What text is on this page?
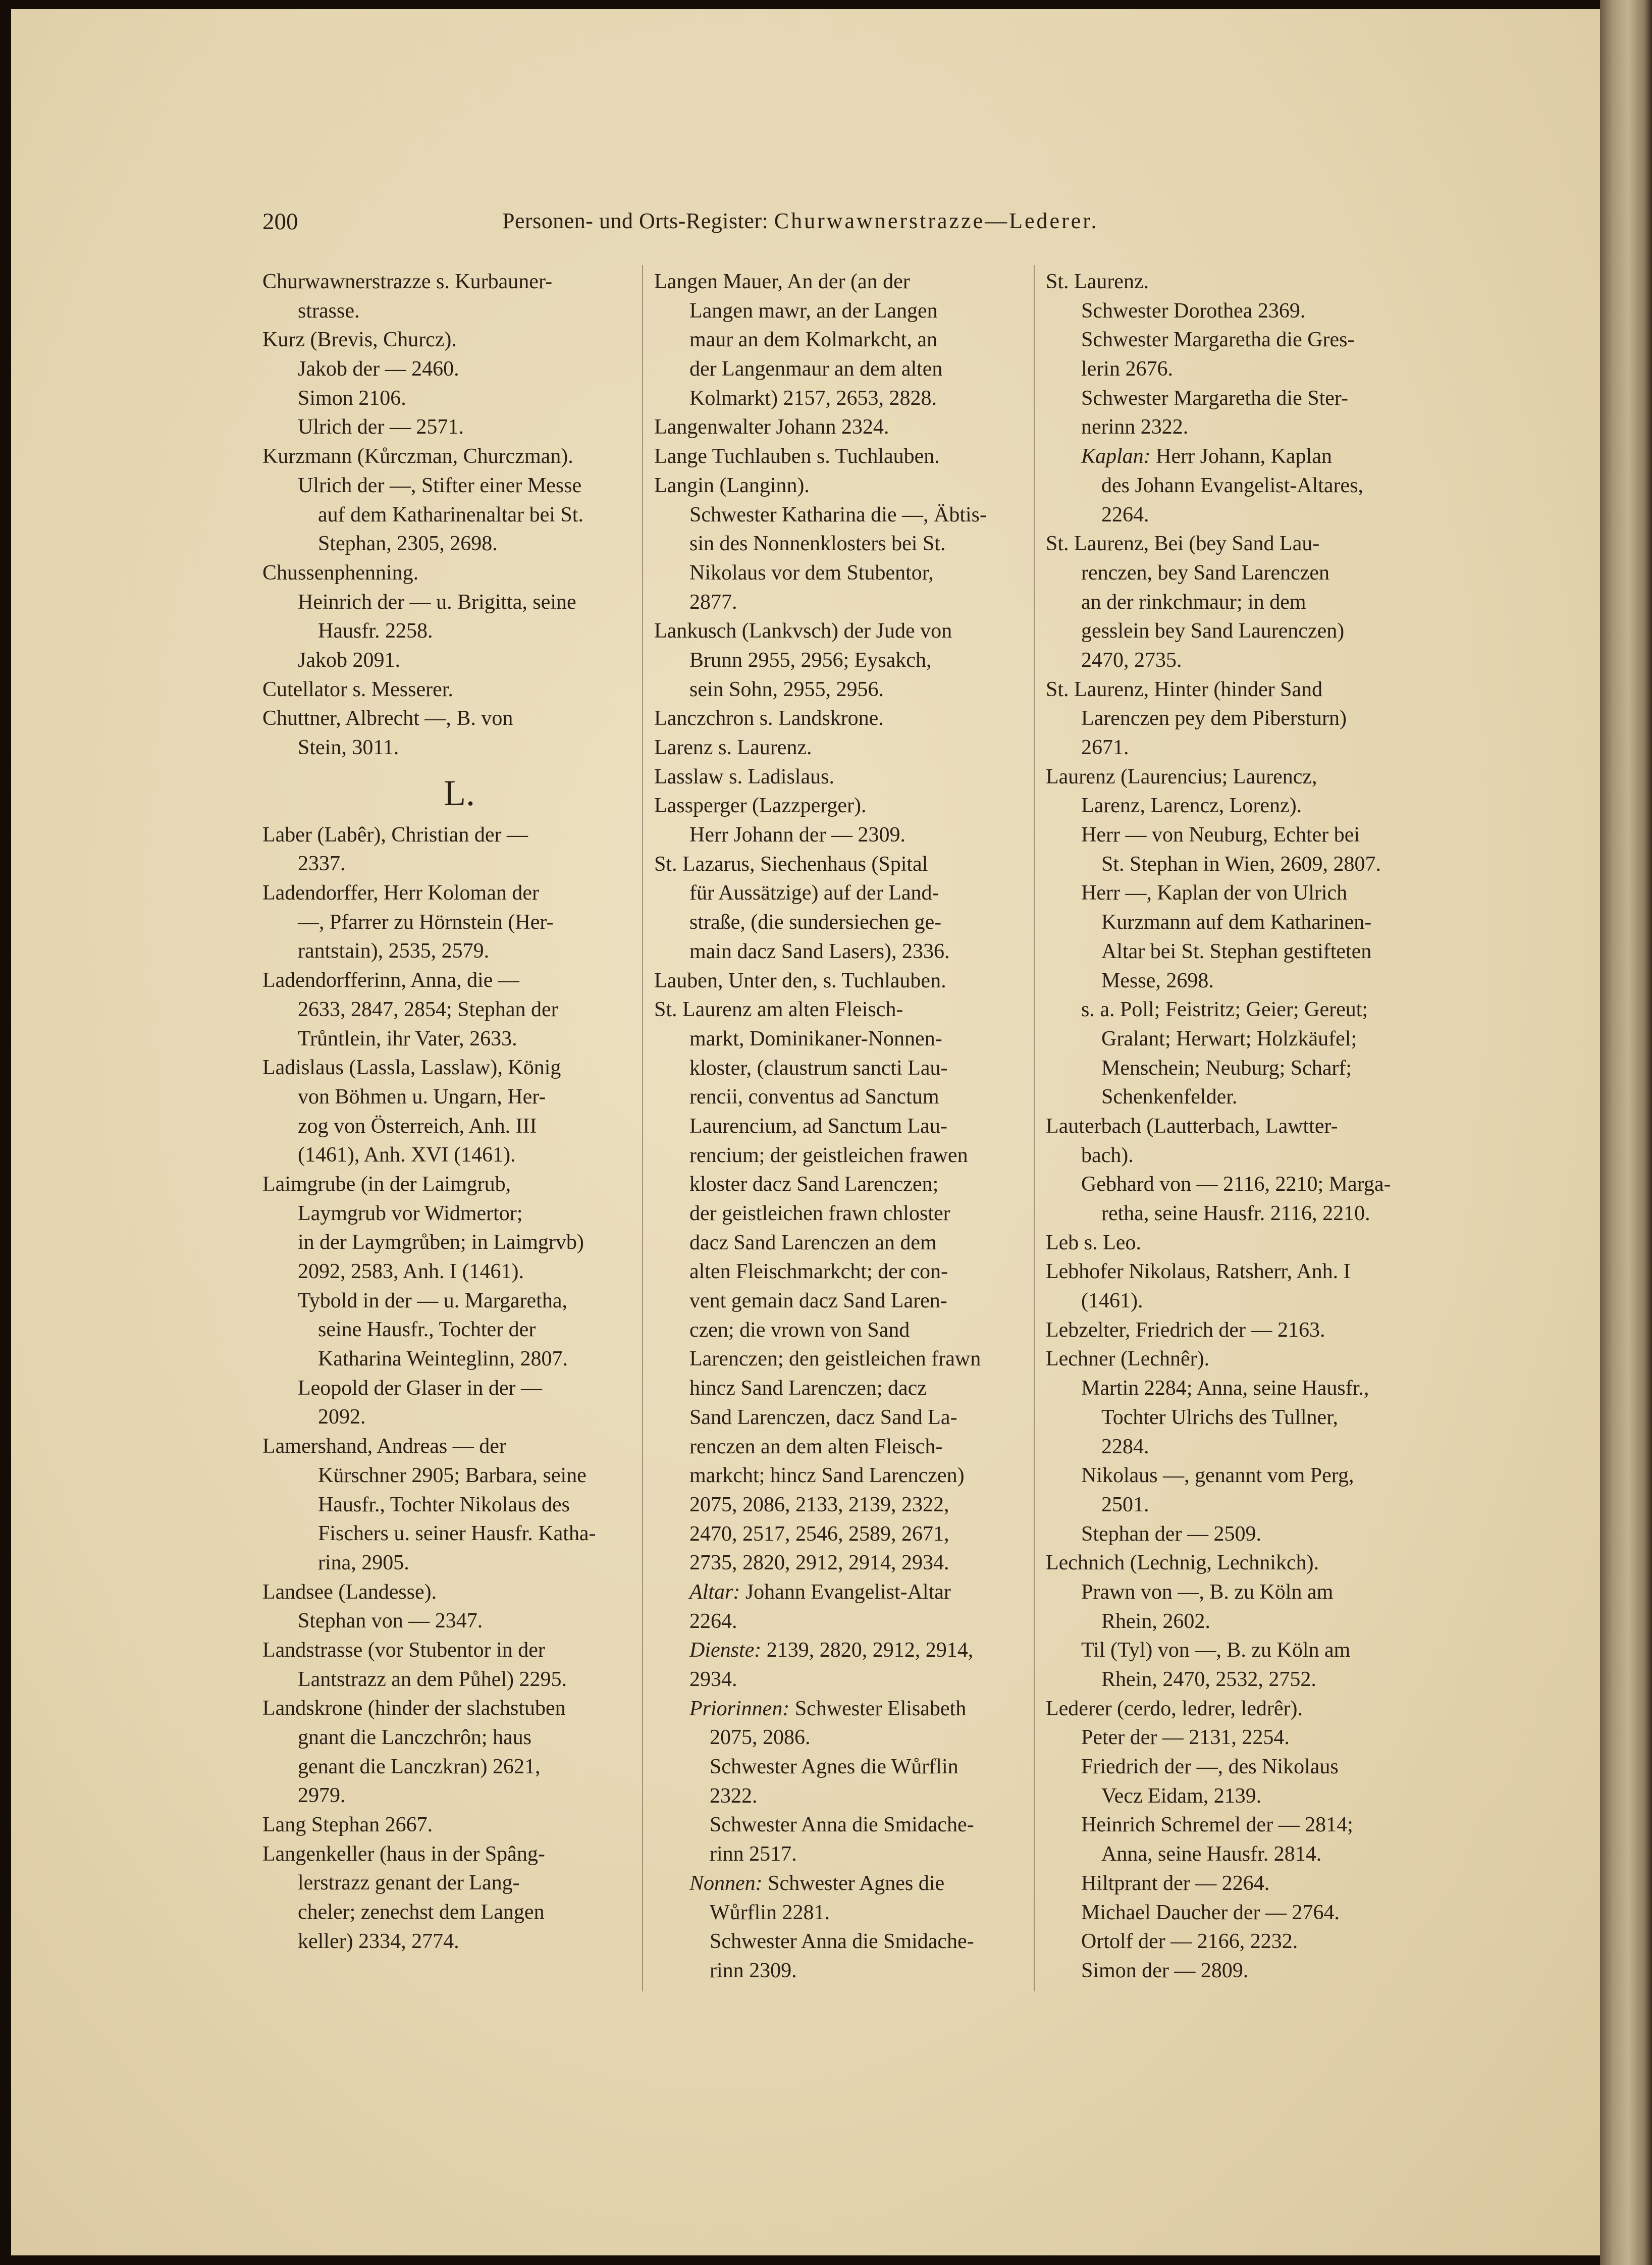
200	Personen- und Orts-Register: Churwawnerstrazze—Lederer.
Churwawnerstrazze s. Kurbauner-
strasse.
Kurz (Brevis, Churcz).
Jakob der — 2460.
Simon 2106.
Ulrich der — 2571.
Kurzmann (Kůrczman, Churczman).
Ulrich der —, Stifter einer Messe
auf dem Katharinenaltar bei St.
Stephan, 2305, 2698.
Chussenphenning.
Heinrich der — u. Brigitta, seine
Hausfr. 2258.
Jakob 2091.
Cutellator s. Messerer.
Chuttner, Albrecht —, B. von
Stein, 3011.
L.
Laber (Labêr), Christian der —
2337.
Ladendorffer, Herr Koloman der
—, Pfarrer zu Hörnstein (Her-
rantstain), 2535, 2579.
Ladendorfferinn, Anna, die —
2633, 2847, 2854; Stephan der
Trůntlein, ihr Vater, 2633.
Ladislaus (Lassla, Lasslaw), König
von Böhmen u. Ungarn, Her-
zog von Österreich, Anh. III
(1461), Anh. XVI (1461).
Laimgrube (in der Laimgrub,
Laymgrub vor Widmertor;
in der Laymgrůben; in Laimgrvb)
2092, 2583, Anh. I (1461).
Tybold in der — u. Margaretha,
seine Hausfr., Tochter der
Katharina Weinteglinn, 2807.
Leopold der Glaser in der —
2092.
Lamershand, Andreas — der
Kürschner 2905; Barbara, seine
Hausfr., Tochter Nikolaus des
Fischers u. seiner Hausfr. Katha-
rina, 2905.
Landsee (Landesse).
Stephan von — 2347.
Landstrasse (vor Stubentor in der
Lantstrazz an dem Půhel) 2295.
Landskrone (hinder der slachstuben
gnant die Lanczchrôn; haus
genant die Lanczkran) 2621,
2979.
Lang Stephan 2667.
Langenkeller (haus in der Spâng-
lerstrazz genant der Lang-
cheler; zenechst dem Langen
keller) 2334, 2774.
Langen Mauer, An der (an der
Langen mawr, an der Langen
maur an dem Kolmarkcht, an
der Langenmaur an dem alten
Kolmarkt) 2157, 2653, 2828.
Langenwalter Johann 2324.
Lange Tuchlauben s. Tuchlauben.
Langin (Langinn).
Schwester Katharina die —, Äbtis-
sin des Nonnenklosters bei St.
Nikolaus vor dem Stubentor,
2877.
Lankusch (Lankvsch) der Jude von
Brunn 2955, 2956; Eysakch,
sein Sohn, 2955, 2956.
Lanczchron s. Landskrone.
Larenz s. Laurenz.
Lasslaw s. Ladislaus.
Lassperger (Lazzperger).
Herr Johann der — 2309.
St. Lazarus, Siechenhaus (Spital
für Aussätzige) auf der Land-
straße, (die sundersiechen ge-
main dacz Sand Lasers), 2336.
Lauben, Unter den, s. Tuchlauben.
St. Laurenz am alten Fleisch-
markt, Dominikaner-Nonnen-
kloster, (claustrum sancti Lau-
rencii, conventus ad Sanctum
Laurencium, ad Sanctum Lau-
rencium; der geistleichen frawen
kloster dacz Sand Larenczen;
der geistleichen frawn chloster
dacz Sand Larenczen an dem
alten Fleischmarkcht; der con-
vent gemain dacz Sand Laren-
czen; die vrown von Sand
Larenczen; den geistleichen frawn
hincz Sand Larenczen; dacz
Sand Larenczen, dacz Sand La-
renczen an dem alten Fleisch-
markcht; hincz Sand Larenczen)
2075, 2086, 2133, 2139, 2322,
2470, 2517, 2546, 2589, 2671,
2735, 2820, 2912, 2914, 2934.
Altar: Johann Evangelist-Altar
2264.
Dienste: 2139, 2820, 2912, 2914,
2934.
Priorinnen: Schwester Elisabeth
2075, 2086.
Schwester Agnes die Wůrflin
2322.
Schwester Anna die Smidache-
rinn 2517.
Nonnen: Schwester Agnes die
Wůrflin 2281.
Schwester Anna die Smidache-
rinn 2309.
St. Laurenz.
Schwester Dorothea 2369.
Schwester Margaretha die Gres-
lerin 2676.
Schwester Margaretha die Ster-
nerinn 2322.
Kaplan: Herr Johann, Kaplan
des Johann Evangelist-Altares,
2264.
St. Laurenz, Bei (bey Sand Lau-
renczen, bey Sand Larenczen
an der rinkchmaur; in dem
gesslein bey Sand Laurenczen)
2470, 2735.
St. Laurenz, Hinter (hinder Sand
Larenczen pey dem Pibersturn)
2671.
Laurenz (Laurencius; Laurencz,
Larenz, Larencz, Lorenz).
Herr — von Neuburg, Echter bei
St. Stephan in Wien, 2609, 2807.
Herr —, Kaplan der von Ulrich
Kurzmann auf dem Katharinen-
Altar bei St. Stephan gestifteten
Messe, 2698.
s. a. Poll; Feistritz; Geier; Gereut;
Gralant; Herwart; Holzkäufel;
Menschein; Neuburg; Scharf;
Schenkenfelder.
Lauterbach (Lautterbach, Lawtter-
bach).
Gebhard von — 2116, 2210; Marga-
retha, seine Hausfr. 2116, 2210.
Leb s. Leo.
Lebhofer Nikolaus, Ratsherr, Anh. I
(1461).
Lebzelter, Friedrich der — 2163.
Lechner (Lechnêr).
Martin 2284; Anna, seine Hausfr.,
Tochter Ulrichs des Tullner,
2284.
Nikolaus —, genannt vom Perg,
2501.
Stephan der — 2509.
Lechnich (Lechnig, Lechnikch).
Prawn von —, B. zu Köln am
Rhein, 2602.
Til (Tyl) von —, B. zu Köln am
Rhein, 2470, 2532, 2752.
Lederer (cerdo, ledrer, ledrêr).
Peter der — 2131, 2254.
Friedrich der —, des Nikolaus
Vecz Eidam, 2139.
Heinrich Schremel der — 2814;
Anna, seine Hausfr. 2814.
Hiltprant der — 2264.
Michael Daucher der — 2764.
Ortolf der — 2166, 2232.
Simon der — 2809.
